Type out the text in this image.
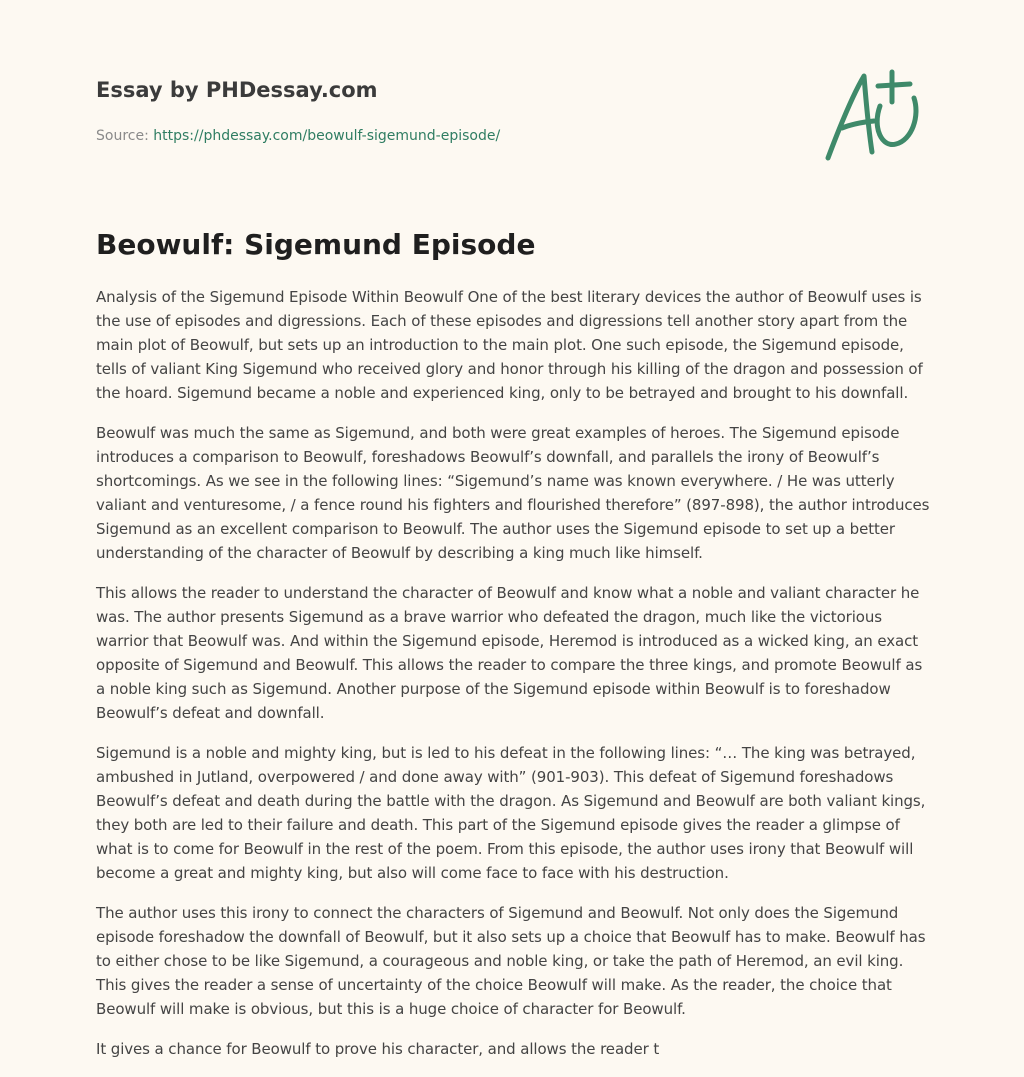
Essay by PHDessay.com
Source: https://phdessay.com/beowulf-sigemund-episode/
Beowulf: Sigemund Episode

Analysis of the Sigemund Episode Within Beowulf One of the best literary devices the author of Beowulf uses is the use of episodes and digressions. Each of these episodes and digressions tell another story apart from the main plot of Beowulf, but sets up an introduction to the main plot. One such episode, the Sigemund episode, tells of valiant King Sigemund who received glory and honor through his killing of the dragon and possession of the hoard. Sigemund became a noble and experienced king, only to be betrayed and brought to his downfall.

Beowulf was much the same as Sigemund, and both were great examples of heroes. The Sigemund episode introduces a comparison to Beowulf, foreshadows Beowulf’s downfall, and parallels the irony of Beowulf’s shortcomings. As we see in the following lines: “Sigemund’s name was known everywhere. / He was utterly valiant and venturesome, / a fence round his fighters and flourished therefore” (897-898), the author introduces Sigemund as an excellent comparison to Beowulf. The author uses the Sigemund episode to set up a better understanding of the character of Beowulf by describing a king much like himself.

This allows the reader to understand the character of Beowulf and know what a noble and valiant character he was. The author presents Sigemund as a brave warrior who defeated the dragon, much like the victorious warrior that Beowulf was. And within the Sigemund episode, Heremod is introduced as a wicked king, an exact opposite of Sigemund and Beowulf. This allows the reader to compare the three kings, and promote Beowulf as a noble king such as Sigemund. Another purpose of the Sigemund episode within Beowulf is to foreshadow Beowulf’s defeat and downfall.

Sigemund is a noble and mighty king, but is led to his defeat in the following lines: “… The king was betrayed, ambushed in Jutland, overpowered / and done away with” (901-903). This defeat of Sigemund foreshadows Beowulf’s defeat and death during the battle with the dragon. As Sigemund and Beowulf are both valiant kings, they both are led to their failure and death. This part of the Sigemund episode gives the reader a glimpse of what is to come for Beowulf in the rest of the poem. From this episode, the author uses irony that Beowulf will become a great and mighty king, but also will come face to face with his destruction.

The author uses this irony to connect the characters of Sigemund and Beowulf. Not only does the Sigemund episode foreshadow the downfall of Beowulf, but it also sets up a choice that Beowulf has to make. Beowulf has to either chose to be like Sigemund, a courageous and noble king, or take the path of Heremod, an evil king. This gives the reader a sense of uncertainty of the choice Beowulf will make. As the reader, the choice that Beowulf will make is obvious, but this is a huge choice of character for Beowulf.

It gives a chance for Beowulf to prove his character, and allows the reader t
